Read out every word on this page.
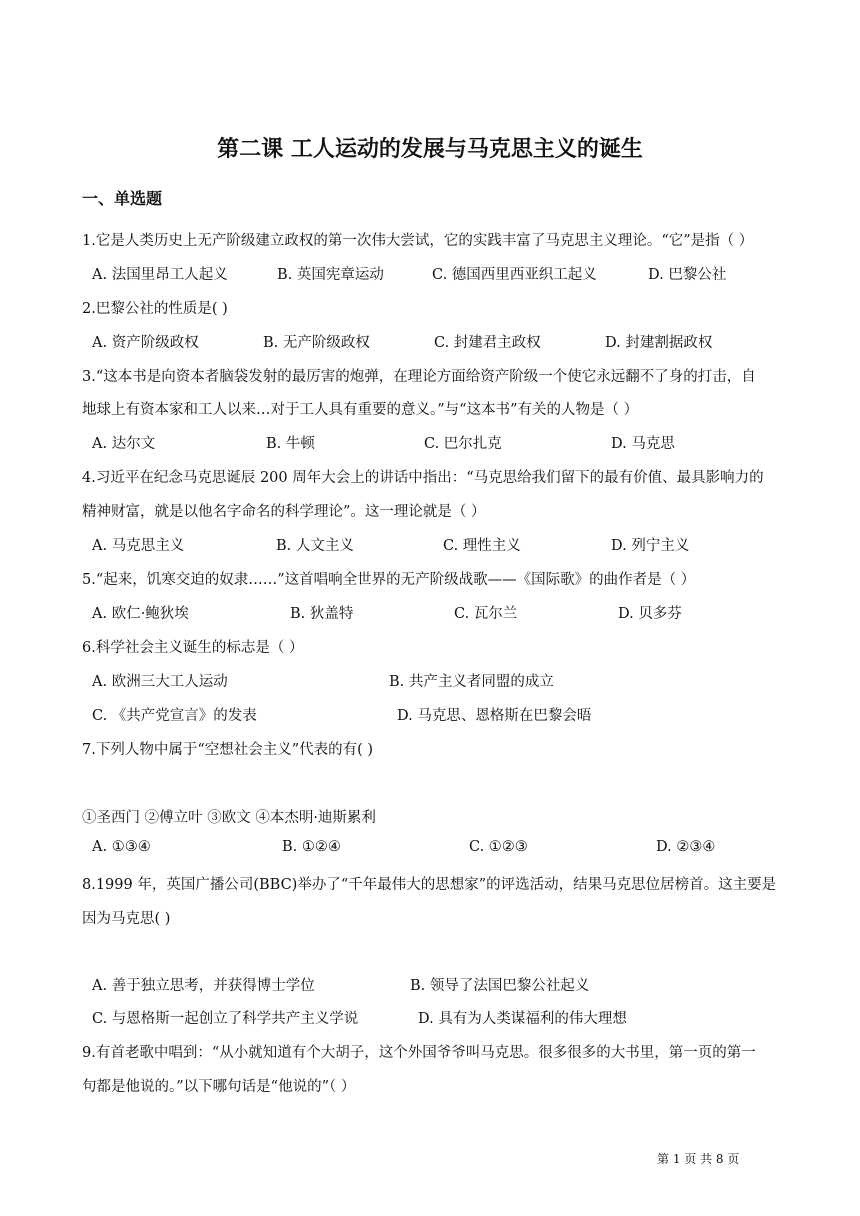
第二课 工人运动的发展与马克思主义的诞生
一、单选题
1.它是人类历史上无产阶级建立政权的第一次伟大尝试，它的实践丰富了马克思主义理论。“它”是指（ ）
A. 法国里昂工人起义	B. 英国宪章运动	C. 德国西里西亚织工起义	D. 巴黎公社
2.巴黎公社的性质是( )
A. 资产阶级政权	B. 无产阶级政权	C. 封建君主政权	D. 封建割据政权
3.“这本书是向资本者脑袋发射的最厉害的炮弹，在理论方面给资产阶级一个使它永远翻不了身的打击，自
地球上有资本家和工人以来…对于工人具有重要的意义。”与“这本书”有关的人物是（ ）
A. 达尔文	B. 牛顿	C. 巴尔扎克	D. 马克思
4.习近平在纪念马克思诞辰 200 周年大会上的讲话中指出：“马克思给我们留下的最有价值、最具影响力的
精神财富，就是以他名字命名的科学理论”。这一理论就是（ ）
A. 马克思主义	B. 人文主义	C. 理性主义	D. 列宁主义
5.“起来，饥寒交迫的奴隶……”这首唱响全世界的无产阶级战歌——《国际歌》的曲作者是（ ）
A. 欧仁·鲍狄埃	B. 狄盖特	C. 瓦尔兰	D. 贝多芬
6.科学社会主义诞生的标志是（ ）
A. 欧洲三大工人运动	B. 共产主义者同盟的成立
C. 《共产党宣言》的发表	D. 马克思、恩格斯在巴黎会晤
7.下列人物中属于“空想社会主义”代表的有( )
①圣西门 ②傅立叶 ③欧文 ④本杰明·迪斯累利
A. ①③④	B. ①②④	C. ①②③	D. ②③④
8.1999 年，英国广播公司(BBC)举办了“千年最伟大的思想家”的评选活动，结果马克思位居榜首。这主要是
因为马克思( )
A. 善于独立思考，并获得博士学位	B. 领导了法国巴黎公社起义
C. 与恩格斯一起创立了科学共产主义学说	D. 具有为人类谋福利的伟大理想
9.有首老歌中唱到：“从小就知道有个大胡子，这个外国爷爷叫马克思。很多很多的大书里，第一页的第一
句都是他说的。”以下哪句话是“他说的”（ ）
第 1 页 共 8 页
